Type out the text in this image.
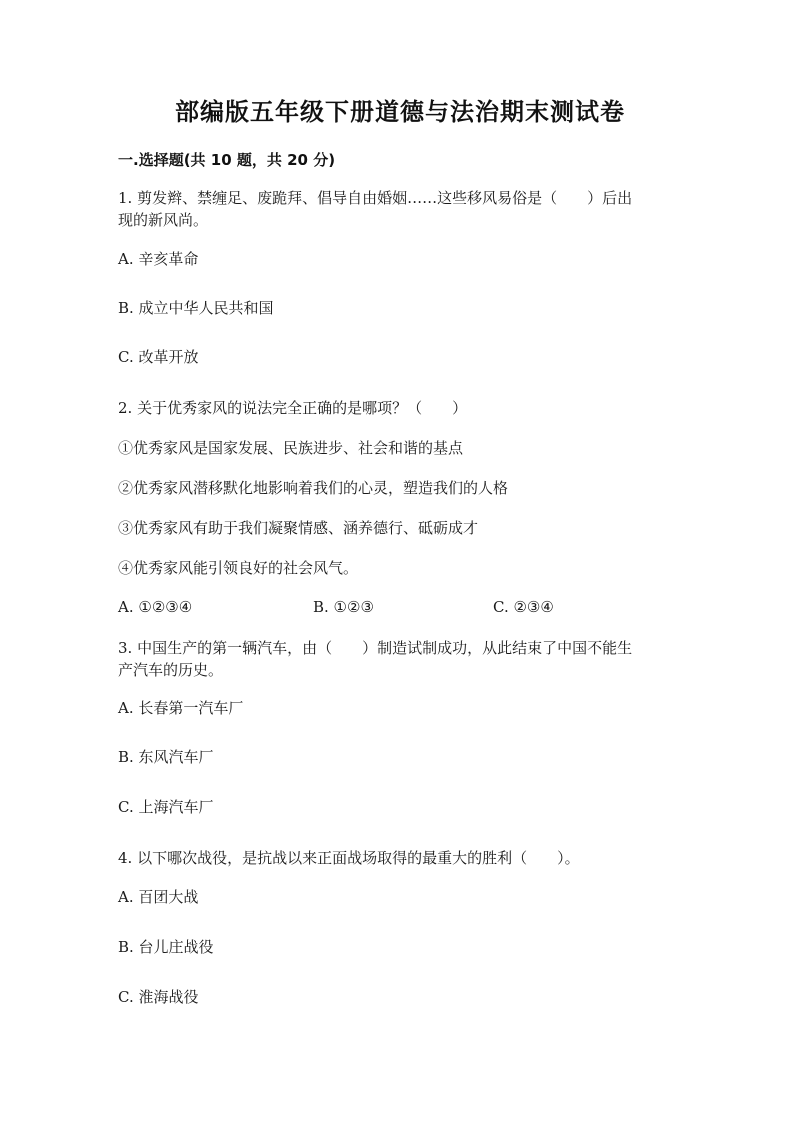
部编版五年级下册道德与法治期末测试卷
一.选择题(共 10 题，共 20 分)
1. 剪发辫、禁缠足、废跪拜、倡导自由婚姻……这些移风易俗是（　　）后出
现的新风尚。
A. 辛亥革命
B. 成立中华人民共和国
C. 改革开放
2. 关于优秀家风的说法完全正确的是哪项？（　　）
①优秀家风是国家发展、民族进步、社会和谐的基点
②优秀家风潜移默化地影响着我们的心灵，塑造我们的人格
③优秀家风有助于我们凝聚情感、涵养德行、砥砺成才
④优秀家风能引领良好的社会风气。
A. ①②③④	B. ①②③	C. ②③④
3. 中国生产的第一辆汽车，由（　　）制造试制成功，从此结束了中国不能生
产汽车的历史。
A. 长春第一汽车厂
B. 东风汽车厂
C. 上海汽车厂
4. 以下哪次战役，是抗战以来正面战场取得的最重大的胜利（　　）。
A. 百团大战
B. 台儿庄战役
C. 淮海战役
